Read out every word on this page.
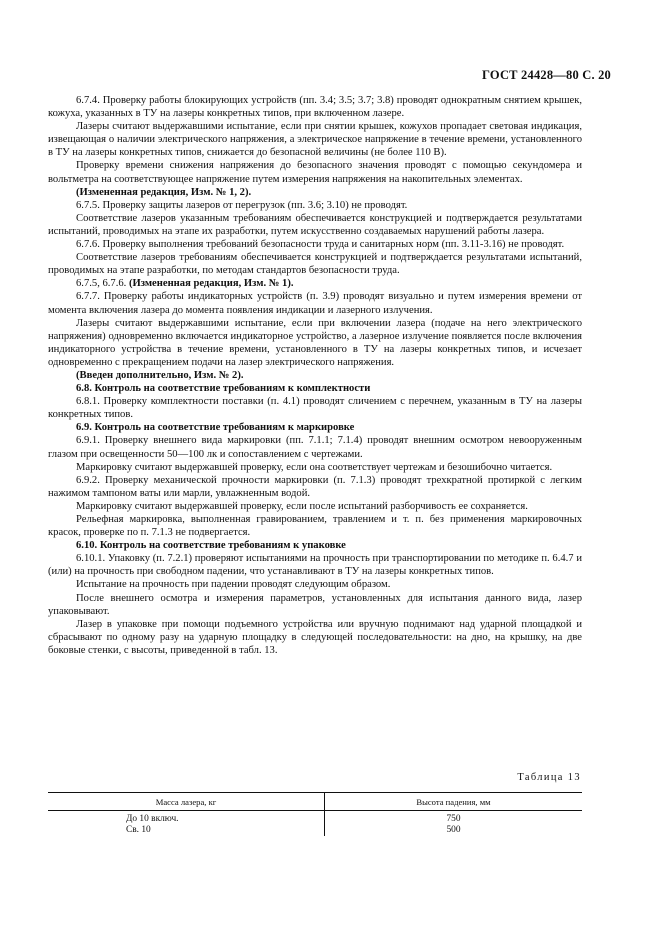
ГОСТ 24428—80 С. 20

6.7.4. Проверку работы блокирующих устройств (пп. 3.4; 3.5; 3.7; 3.8) проводят однократным снятием крышек, кожуха, указанных в ТУ на лазеры конкретных типов, при включенном лазере.

Лазеры считают выдержавшими испытание, если при снятии крышек, кожухов пропадает световая индикация, извещающая о наличии электрического напряжения, а электрическое напряжение в течение времени, установленного в ТУ на лазеры конкретных типов, снижается до безопасной величины (не более 110 В).

Проверку времени снижения напряжения до безопасного значения проводят с помощью секундомера и вольтметра на соответствующее напряжение путем измерения напряжения на накопительных элементах.

(Измененная редакция, Изм. № 1, 2).

6.7.5. Проверку защиты лазеров от перегрузок (пп. 3.6; 3.10) не проводят.

Соответствие лазеров указанным требованиям обеспечивается конструкцией и подтверждается результатами испытаний, проводимых на этапе их разработки, путем искусственно создаваемых нарушений работы лазера.

6.7.6. Проверку выполнения требований безопасности труда и санитарных норм (пп. 3.11-3.16) не проводят.

Соответствие лазеров требованиям обеспечивается конструкцией и подтверждается результатами испытаний, проводимых на этапе разработки, по методам стандартов безопасности труда.

6.7.5, 6.7.6. (Измененная редакция, Изм. № 1).

6.7.7. Проверку работы индикаторных устройств (п. 3.9) проводят визуально и путем измерения времени от момента включения лазера до момента появления индикации и лазерного излучения.

Лазеры считают выдержавшими испытание, если при включении лазера (подаче на него электрического напряжения) одновременно включается индикаторное устройство, а лазерное излучение появляется после включения индикаторного устройства в течение времени, установленного в ТУ на лазеры конкретных типов, и исчезает одновременно с прекращением подачи на лазер электрического напряжения.

(Введен дополнительно, Изм. № 2).

6.8. Контроль на соответствие требованиям к комплектности

6.8.1. Проверку комплектности поставки (п. 4.1) проводят сличением с перечнем, указанным в ТУ на лазеры конкретных типов.

6.9. Контроль на соответствие требованиям к маркировке

6.9.1. Проверку внешнего вида маркировки (пп. 7.1.1; 7.1.4) проводят внешним осмотром невооруженным глазом при освещенности 50—100 лк и сопоставлением с чертежами.

Маркировку считают выдержавшей проверку, если она соответствует чертежам и безошибочно читается.

6.9.2. Проверку механической прочности маркировки (п. 7.1.3) проводят трехкратной протиркой с легким нажимом тампоном ваты или марли, увлажненным водой.

Маркировку считают выдержавшей проверку, если после испытаний разборчивость ее сохраняется.

Рельефная маркировка, выполненная гравированием, травлением и т. п. без применения маркировочных красок, проверке по п. 7.1.3 не подвергается.

6.10. Контроль на соответствие требованиям к упаковке

6.10.1. Упаковку (п. 7.2.1) проверяют испытаниями на прочность при транспортировании по методике п. 6.4.7 и (или) на прочность при свободном падении, что устанавливают в ТУ на лазеры конкретных типов.

Испытание на прочность при падении проводят следующим образом.

После внешнего осмотра и измерения параметров, установленных для испытания данного вида, лазер упаковывают.

Лазер в упаковке при помощи подъемного устройства или вручную поднимают над ударной площадкой и сбрасывают по одному разу на ударную площадку в следующей последовательности: на дно, на крышку, на две боковые стенки, с высоты, приведенной в табл. 13.

Таблица 13
Масса лазера, кг	Высота падения, мм
До 10 включ.	750
Св. 10	500
